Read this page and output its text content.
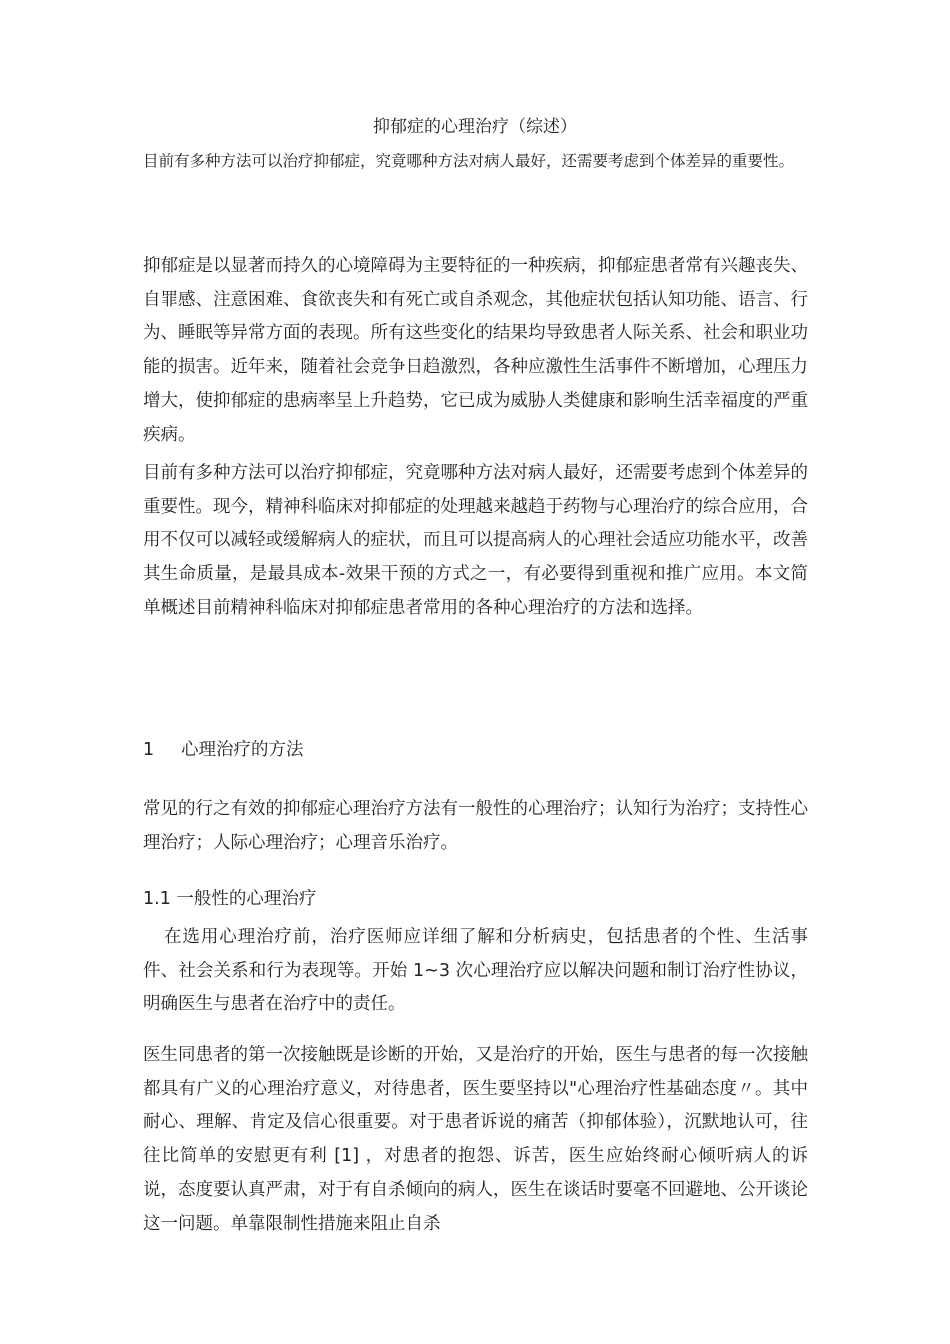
抑郁症的心理治疗（综述）

目前有多种方法可以治疗抑郁症，究竟哪种方法对病人最好，还需要考虑到个体差异的重要性。

抑郁症是以显著而持久的心境障碍为主要特征的一种疾病，抑郁症患者常有兴趣丧失、自罪感、注意困难、食欲丧失和有死亡或自杀观念，其他症状包括认知功能、语言、行为、睡眠等异常方面的表现。所有这些变化的结果均导致患者人际关系、社会和职业功能的损害。近年来，随着社会竞争日趋激烈，各种应激性生活事件不断增加，心理压力增大，使抑郁症的患病率呈上升趋势，它已成为威胁人类健康和影响生活幸福度的严重疾病。

目前有多种方法可以治疗抑郁症，究竟哪种方法对病人最好，还需要考虑到个体差异的重要性。现今，精神科临床对抑郁症的处理越来越趋于药物与心理治疗的综合应用，合用不仅可以减轻或缓解病人的症状，而且可以提高病人的心理社会适应功能水平，改善其生命质量，是最具成本-效果干预的方式之一，有必要得到重视和推广应用。本文简单概述目前精神科临床对抑郁症患者常用的各种心理治疗的方法和选择。

1 心理治疗的方法

常见的行之有效的抑郁症心理治疗方法有一般性的心理治疗；认知行为治疗；支持性心理治疗；人际心理治疗；心理音乐治疗。

1.1 一般性的心理治疗

在选用心理治疗前，治疗医师应详细了解和分析病史，包括患者的个性、生活事件、社会关系和行为表现等。开始 1~3 次心理治疗应以解决问题和制订治疗性协议，明确医生与患者在治疗中的责任。

医生同患者的第一次接触既是诊断的开始，又是治疗的开始，医生与患者的每一次接触都具有广义的心理治疗意义，对待患者，医生要坚持以"心理治疗性基础态度〃。其中耐心、理解、肯定及信心很重要。对于患者诉说的痛苦（抑郁体验），沉默地认可，往往比简单的安慰更有利 [1] ，对患者的抱怨、诉苦，医生应始终耐心倾听病人的诉说，态度要认真严肃，对于有自杀倾向的病人，医生在谈话时要毫不回避地、公开谈论这一问题。单靠限制性措施来阻止自杀
